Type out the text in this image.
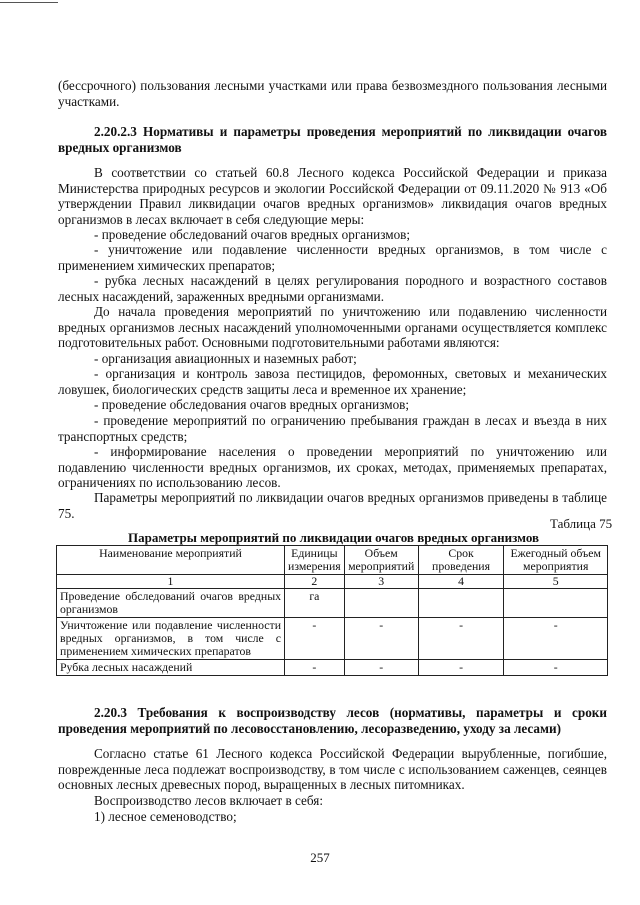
(бессрочного) пользования лесными участками или права безвозмездного пользования лесными участками.

2.20.2.3 Нормативы и параметры проведения мероприятий по ликвидации очагов вредных организмов

В соответствии со статьей 60.8 Лесного кодекса Российской Федерации и приказа Министерства природных ресурсов и экологии Российской Федерации от 09.11.2020 № 913 «Об утверждении Правил ликвидации очагов вредных организмов» ликвидация очагов вредных организмов в лесах включает в себя следующие меры:

- проведение обследований очагов вредных организмов;

- уничтожение или подавление численности вредных организмов, в том числе с применением химических препаратов;

- рубка лесных насаждений в целях регулирования породного и возрастного составов лесных насаждений, зараженных вредными организмами.

До начала проведения мероприятий по уничтожению или подавлению численности вредных организмов лесных насаждений уполномоченными органами осуществляется комплекс подготовительных работ. Основными подготовительными работами являются:

- организация авиационных и наземных работ;

- организация и контроль завоза пестицидов, феромонных, световых и механических ловушек, биологических средств защиты леса и временное их хранение;

- проведение обследования очагов вредных организмов;

- проведение мероприятий по ограничению пребывания граждан в лесах и въезда в них транспортных средств;

- информирование населения о проведении мероприятий по уничтожению или подавлению численности вредных организмов, их сроках, методах, применяемых препаратах, ограничениях по использованию лесов.

Параметры мероприятий по ликвидации очагов вредных организмов приведены в таблице 75.

Таблица 75
Параметры мероприятий по ликвидации очагов вредных организмов
Наименование мероприятий	Единицы измерения	Объем мероприятий	Срок проведения	Ежегодный объем мероприятия
1	2	3	4	5
Проведение обследований очагов вредных организмов	га			
Уничтожение или подавление численности вредных организмов, в том числе с применением химических препаратов	-	-	-	-
Рубка лесных насаждений	-	-	-	-

2.20.3 Требования к воспроизводству лесов (нормативы, параметры и сроки проведения мероприятий по лесовосстановлению, лесоразведению, уходу за лесами)

Согласно статье 61 Лесного кодекса Российской Федерации вырубленные, погибшие, поврежденные леса подлежат воспроизводству, в том числе с использованием саженцев, сеянцев основных лесных древесных пород, выращенных в лесных питомниках.

Воспроизводство лесов включает в себя:

1) лесное семеноводство;

257
